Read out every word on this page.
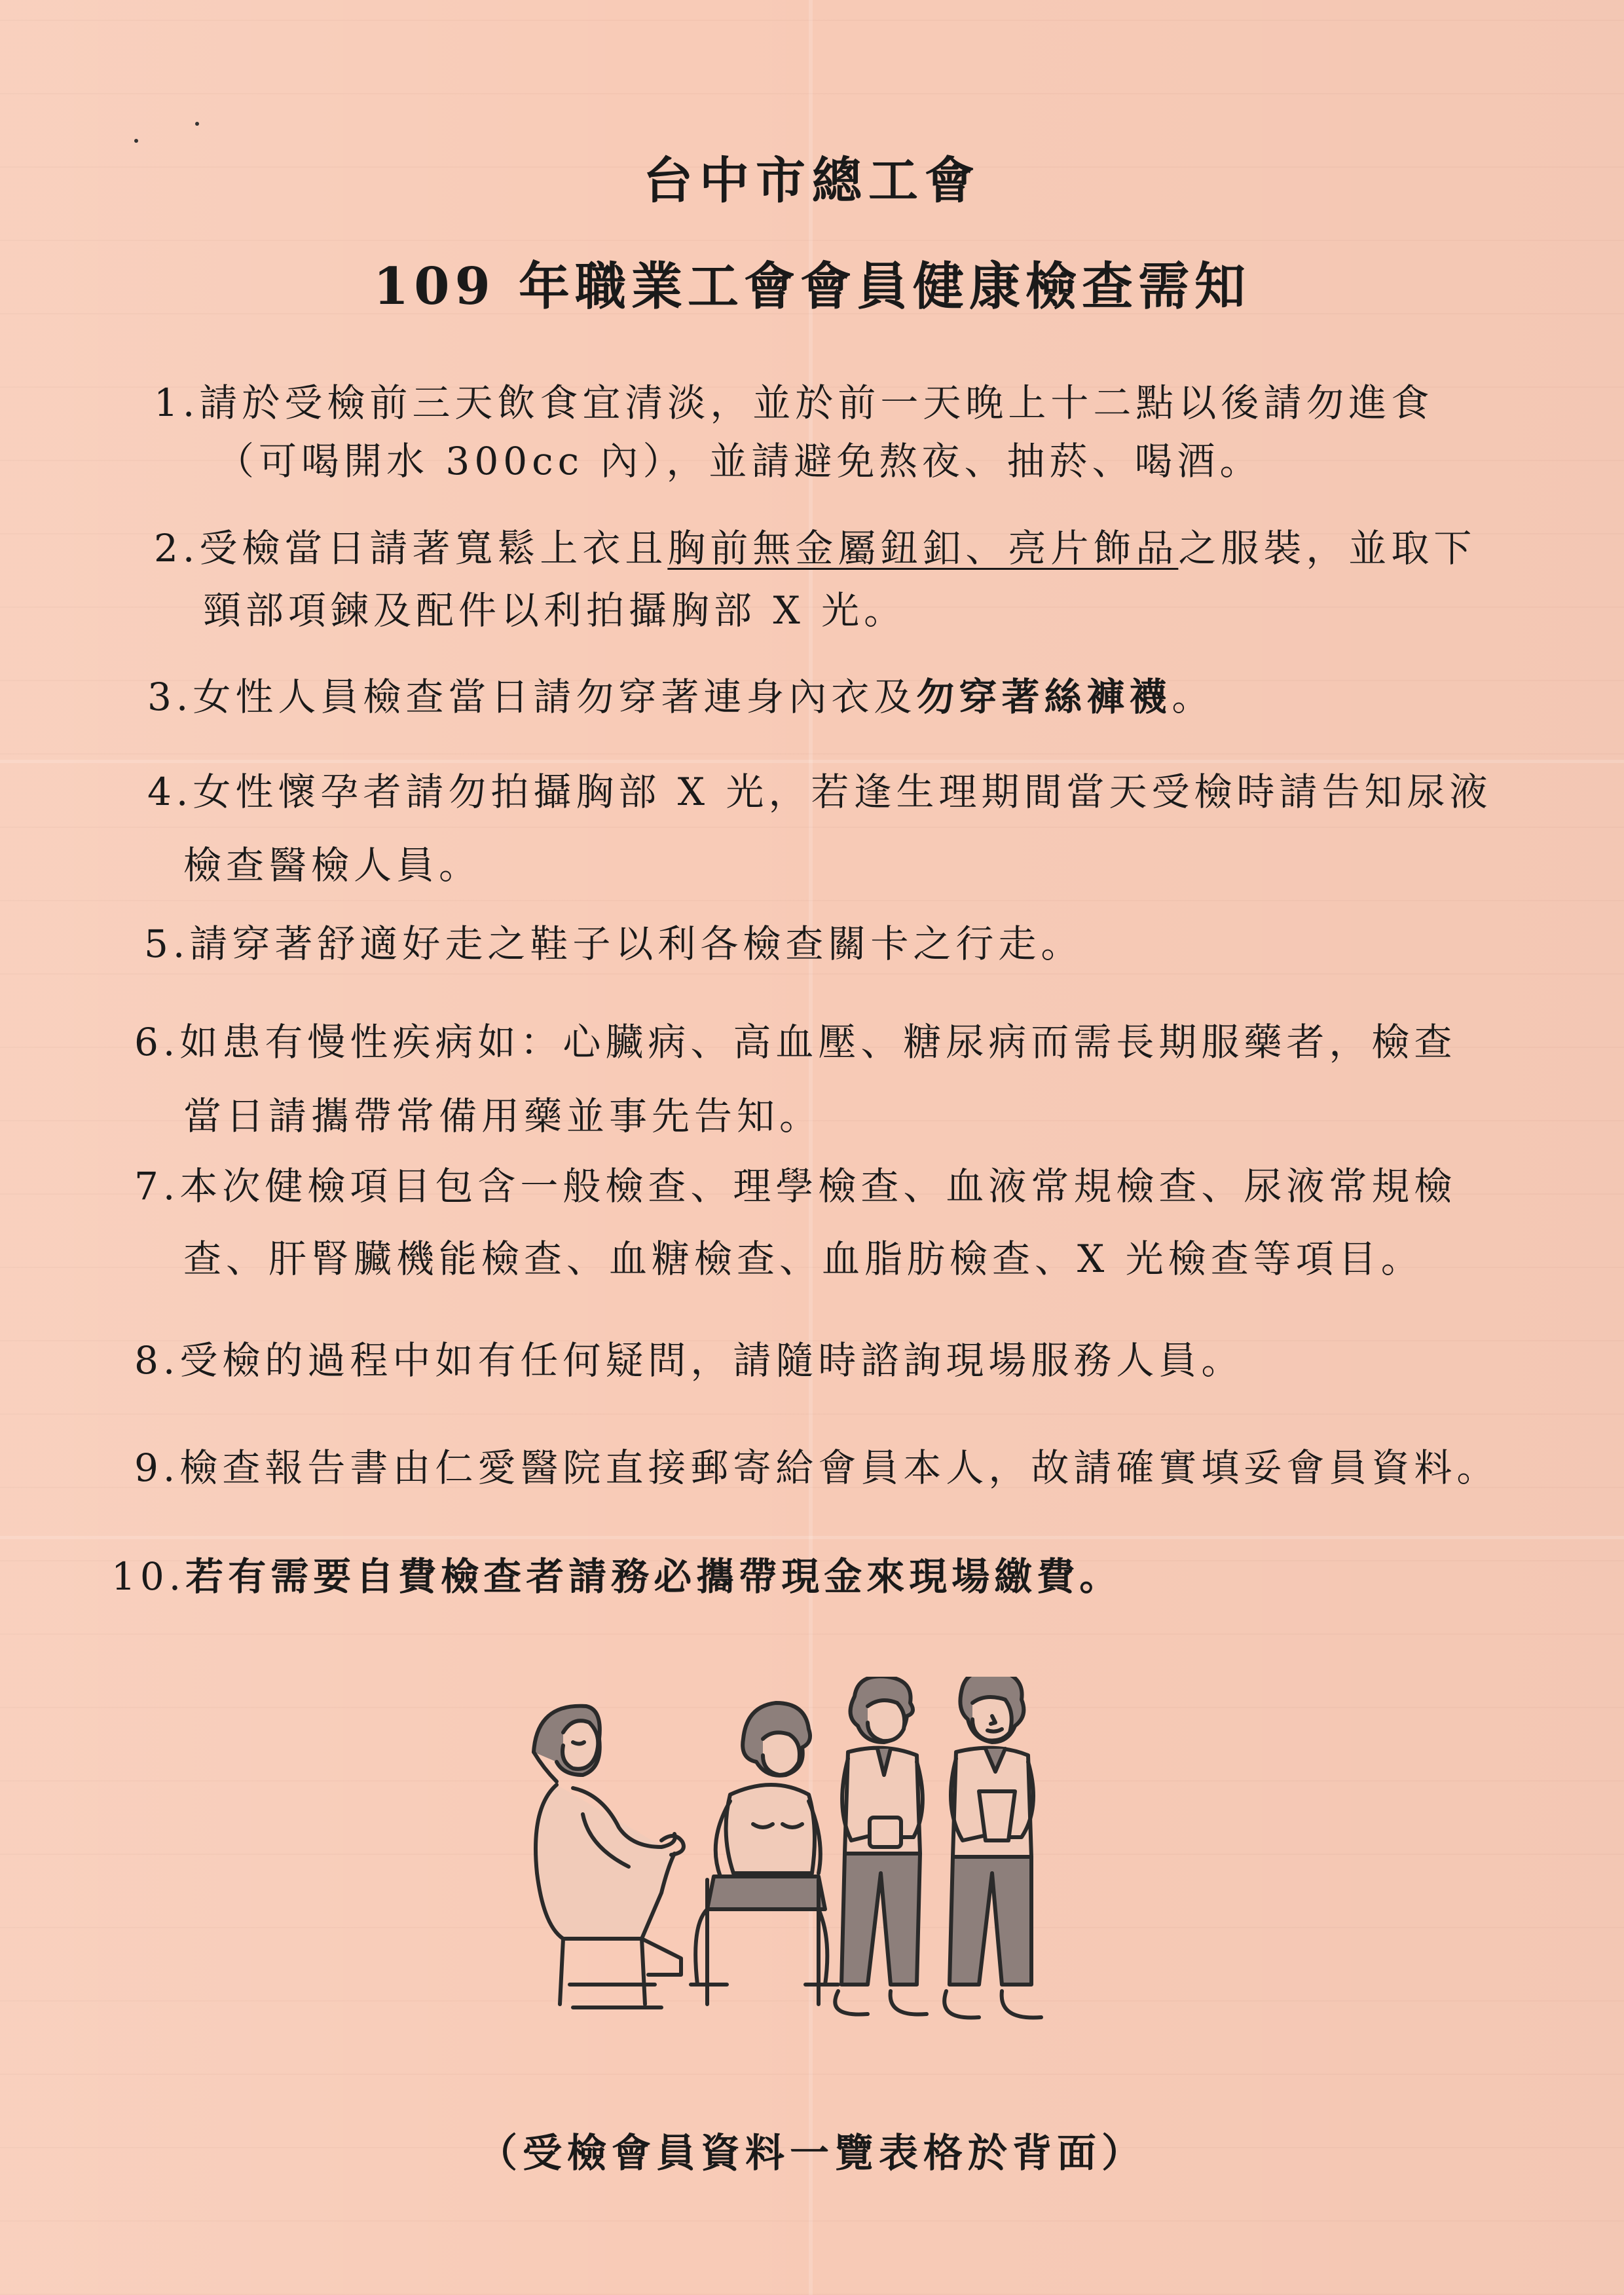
台中市總工會
109 年職業工會會員健康檢查需知
1.請於受檢前三天飲食宜清淡，並於前一天晚上十二點以後請勿進食
（可喝開水 300cc 內），並請避免熬夜、抽菸、喝酒。
2.受檢當日請著寬鬆上衣且胸前無金屬鈕釦、亮片飾品之服裝，並取下
頸部項鍊及配件以利拍攝胸部 X 光。
3.女性人員檢查當日請勿穿著連身內衣及勿穿著絲褲襪。
4.女性懷孕者請勿拍攝胸部 X 光，若逢生理期間當天受檢時請告知尿液
檢查醫檢人員。
5.請穿著舒適好走之鞋子以利各檢查關卡之行走。
6.如患有慢性疾病如：心臟病、高血壓、糖尿病而需長期服藥者，檢查
當日請攜帶常備用藥並事先告知。
7.本次健檢項目包含一般檢查、理學檢查、血液常規檢查、尿液常規檢
查、肝腎臟機能檢查、血糖檢查、血脂肪檢查、X 光檢查等項目。
8.受檢的過程中如有任何疑問，請隨時諮詢現場服務人員。
9.檢查報告書由仁愛醫院直接郵寄給會員本人，故請確實填妥會員資料。
10.若有需要自費檢查者請務必攜帶現金來現場繳費。
（受檢會員資料一覽表格於背面）
